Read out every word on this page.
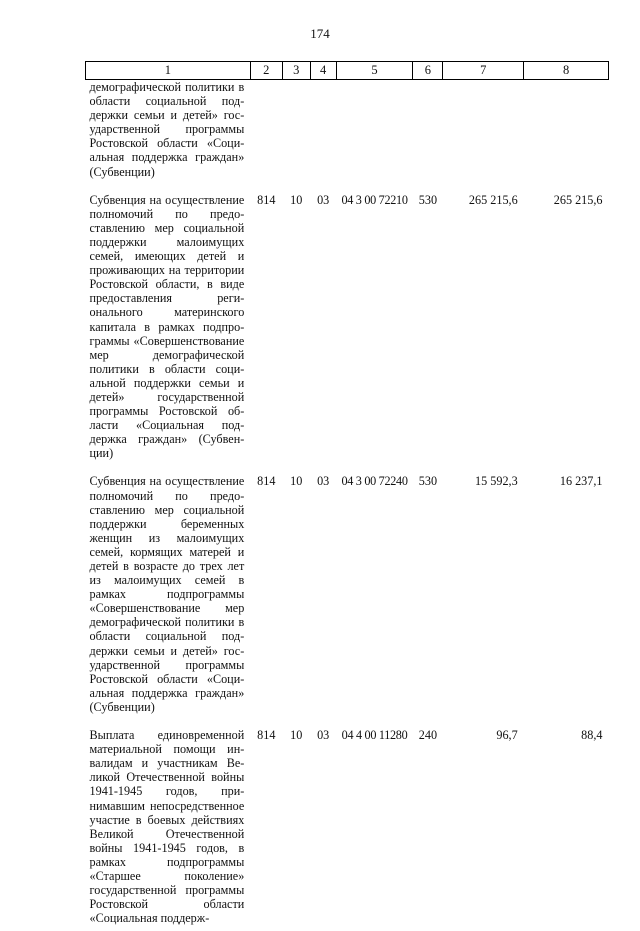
174
1	2	3	4	5	6	7	8
демографической политики в области социальной поддержки семьи и детей» государственной программы Ростовской области «Социальная поддержка граждан» (Субвенции)							
Субвенция на осуществление полномочий по предоставлению мер социальной поддержки малоимущих семей, имеющих детей и проживающих на территории Ростовской области, в виде предоставления регионального материнского капитала в рамках подпрограммы «Совершенствование мер демографической политики в области социальной поддержки семьи и детей» государственной программы Ростовской области «Социальная поддержка граждан» (Субвенции)	814	10	03	04 3 00 72210	530	265 215,6	265 215,6
Субвенция на осуществление полномочий по предоставлению мер социальной поддержки беременных женщин из малоимущих семей, кормящих матерей и детей в возрасте до трех лет из малоимущих семей в рамках подпрограммы «Совершенствование мер демографической политики в области социальной поддержки семьи и детей» государственной программы Ростовской области «Социальная поддержка граждан» (Субвенции)	814	10	03	04 3 00 72240	530	15 592,3	16 237,1
Выплата единовременной материальной помощи инвалидам и участникам Великой Отечественной войны 1941-1945 годов, принимавшим непосредственное участие в боевых действиях Великой Отечественной войны 1941-1945 годов, в рамках подпрограммы «Старшее поколение» государственной программы Ростовской области «Социальная поддерж-	814	10	03	04 4 00 11280	240	96,7	88,4
